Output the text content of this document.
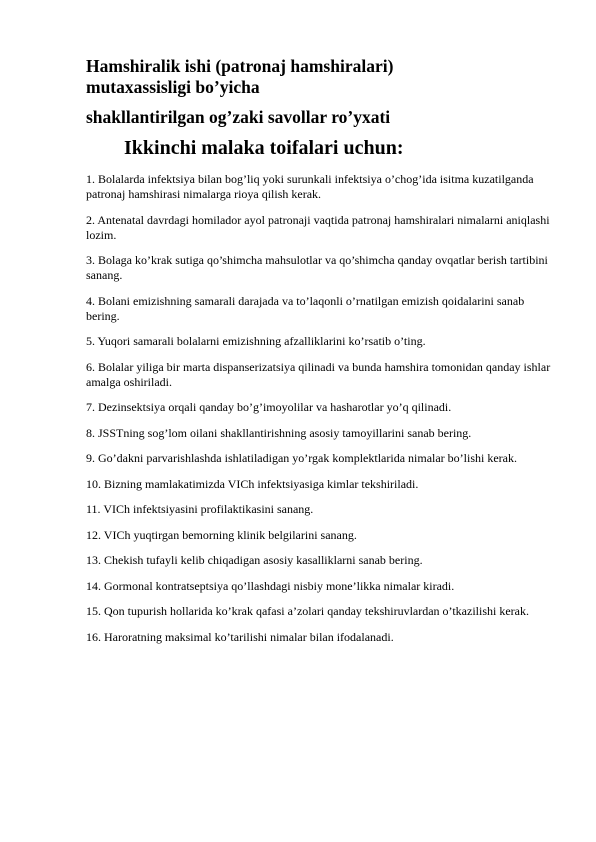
Hamshiralik ishi (patronaj hamshiralari)
mutaxassisligi bo’yicha
shakllantirilgan og’zaki savollar ro’yxati
Ikkinchi malaka toifalari uchun:
1. Bolalarda infektsiya bilan bog’liq yoki surunkali infektsiya o’chog’ida isitma kuzatilganda patronaj hamshirasi nimalarga rioya qilish kerak.
2. Antenatal davrdagi homilador ayol patronaji vaqtida patronaj hamshiralari nimalarni aniqlashi lozim.
3. Bolaga ko’krak sutiga qo’shimcha mahsulotlar va qo’shimcha qanday ovqatlar berish tartibini sanang.
4. Bolani emizishning samarali darajada va to’laqonli o’rnatilgan emizish qoidalarini sanab bering.
5. Yuqori samarali bolalarni emizishning afzalliklarini ko’rsatib o’ting.
6. Bolalar yiliga bir marta dispanserizatsiya qilinadi va bunda hamshira tomonidan qanday ishlar amalga oshiriladi.
7. Dezinsektsiya orqali qanday bo’g’imoyolilar va hasharotlar yo’q qilinadi.
8. JSSTning sog’lom oilani shakllantirishning asosiy tamoyillarini sanab bering.
9. Go’dakni parvarishlashda ishlatiladigan yo’rgak komplektlarida nimalar bo’lishi kerak.
10. Bizning mamlakatimizda VICh infektsiyasiga kimlar tekshiriladi.
11. VICh infektsiyasini profilaktikasini sanang.
12. VICh yuqtirgan bemorning klinik belgilarini sanang.
13. Chekish tufayli kelib chiqadigan asosiy kasalliklarni sanab bering.
14. Gormonal kontratseptsiya qo’llashdagi nisbiy mone’likka nimalar kiradi.
15. Qon tupurish hollarida ko’krak qafasi a’zolari qanday tekshiruvlardan o’tkazilishi kerak.
16. Haroratning maksimal ko’tarilishi nimalar bilan ifodalanadi.
